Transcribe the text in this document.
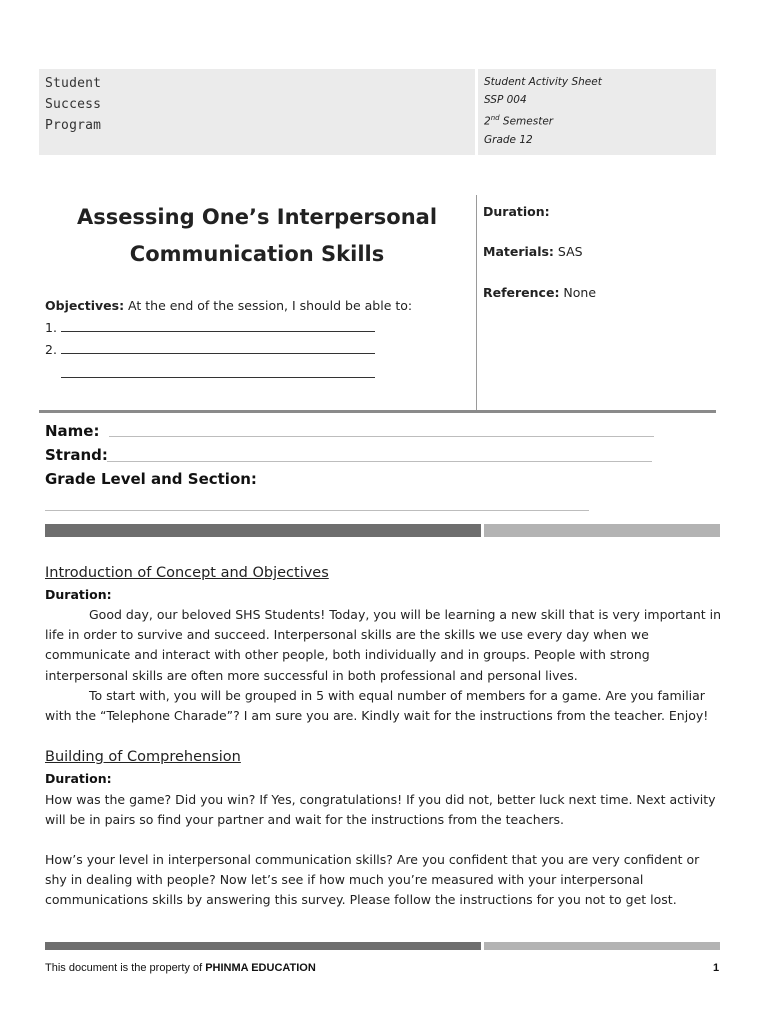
Student
Success
Program
Student Activity Sheet
SSP 004
2nd Semester
Grade 12
Assessing One’s Interpersonal
Communication Skills
Duration:
Materials: SAS
Reference: None
Objectives: At the end of the session, I should be able to:
1.
2.
Name:
Strand:
Grade Level and Section:
Introduction of Concept and Objectives
Duration:
Good day, our beloved SHS Students! Today, you will be learning a new skill that is very important in life in order to survive and succeed. Interpersonal skills are the skills we use every day when we communicate and interact with other people, both individually and in groups. People with strong interpersonal skills are often more successful in both professional and personal lives.
To start with, you will be grouped in 5 with equal number of members for a game. Are you familiar with the “Telephone Charade”? I am sure you are. Kindly wait for the instructions from the teacher. Enjoy!
Building of Comprehension
Duration:
How was the game? Did you win? If Yes, congratulations! If you did not, better luck next time. Next activity will be in pairs so find your partner and wait for the instructions from the teachers.
How’s your level in interpersonal communication skills? Are you confident that you are very confident or shy in dealing with people? Now let’s see if how much you’re measured with your interpersonal communications skills by answering this survey. Please follow the instructions for you not to get lost.
This document is the property of PHINMA EDUCATION	1
